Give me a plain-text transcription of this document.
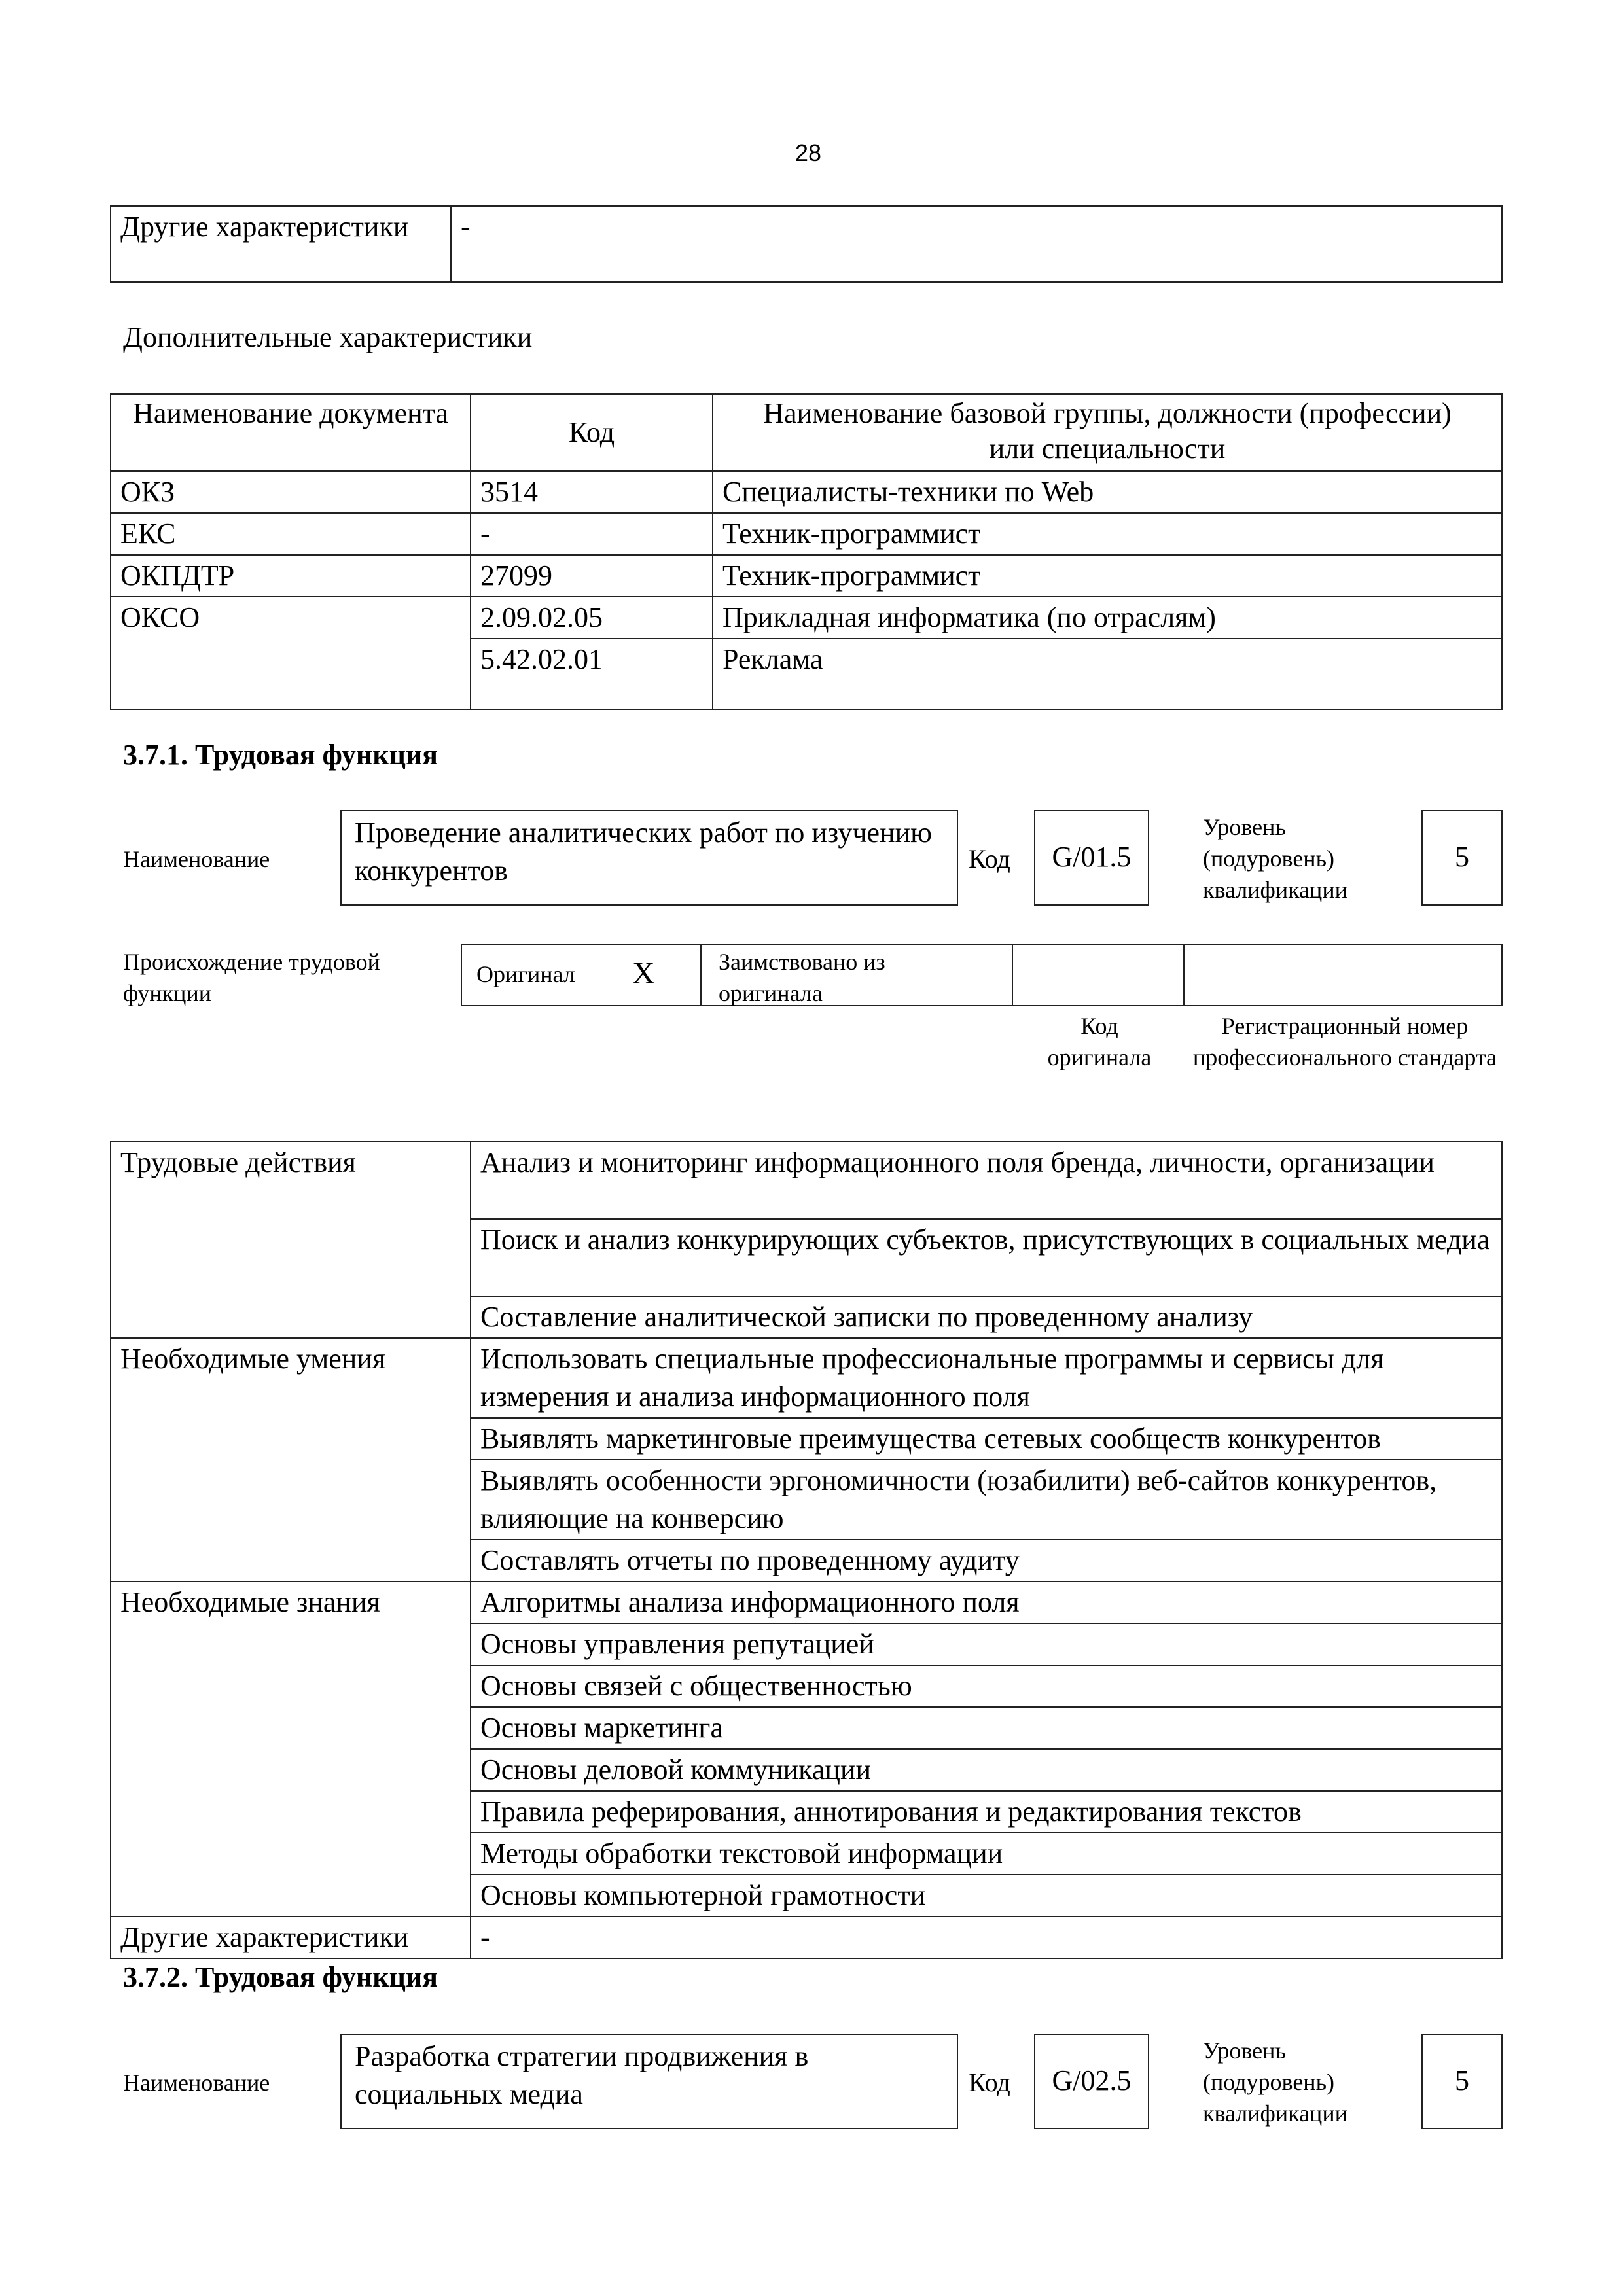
28
Другие характеристики	-
Дополнительные характеристики
Наименование документа	Код	Наименование базовой группы, должности (профессии) или специальности
ОКЗ	3514	Специалисты-техники по Web
ЕКС	-	Техник-программист
ОКПДТР	27099	Техник-программист
ОКСО	2.09.02.05	Прикладная информатика (по отраслям)
	5.42.02.01	Реклама
3.7.1. Трудовая функция
Наименование
Проведение аналитических работ по изучению конкурентов	Код	G/01.5
Уровень (подуровень) квалификации
5
Происхождение трудовой функции
Оригинал X	Заимствовано из оригинала
Код оригинала
Регистрационный номер профессионального стандарта
Трудовые действия	Анализ и мониторинг информационного поля бренда, личности, организации
	Поиск и анализ конкурирующих субъектов, присутствующих в социальных медиа
	Составление аналитической записки по проведенному анализу
Необходимые умения	Использовать специальные профессиональные программы и сервисы для измерения и анализа информационного поля
	Выявлять маркетинговые преимущества сетевых сообществ конкурентов
	Выявлять особенности эргономичности (юзабилити) веб-сайтов конкурентов, влияющие на конверсию
	Составлять отчеты по проведенному аудиту
Необходимые знания	Алгоритмы анализа информационного поля
	Основы управления репутацией
	Основы связей с общественностью
	Основы маркетинга
	Основы деловой коммуникации
	Правила реферирования, аннотирования и редактирования текстов
	Методы обработки текстовой информации
	Основы компьютерной грамотности
Другие характеристики	-
3.7.2. Трудовая функция
Наименование
Разработка стратегии продвижения в социальных медиа	Код	G/02.5
Уровень (подуровень) квалификации
5
